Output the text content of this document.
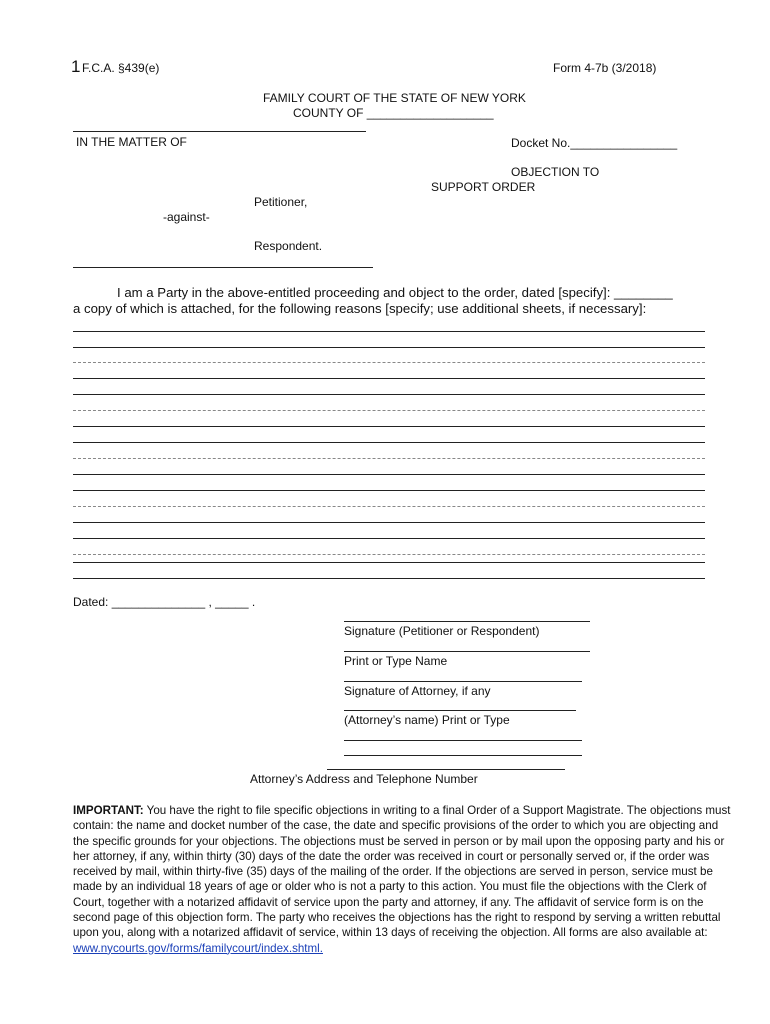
1 F.C.A. §439(e)	Form 4-7b (3/2018)
FAMILY COURT OF THE STATE OF NEW YORK
COUNTY OF ___________________
IN THE MATTER OF	Docket No.________________
OBJECTION TO
SUPPORT ORDER
Petitioner,
-against-
Respondent.
I am a Party in the above-entitled proceeding and object to the order, dated [specify]: ________
a copy of which is attached, for the following reasons [specify; use additional sheets, if necessary]:
Dated: ______________ , _____ .
Signature (Petitioner or Respondent)
Print or Type Name
Signature of Attorney, if any
(Attorney’s name) Print or Type
Attorney’s Address and Telephone Number
IMPORTANT: You have the right to file specific objections in writing to a final Order of a Support Magistrate. The objections must contain: the name and docket number of the case, the date and specific provisions of the order to which you are objecting and the specific grounds for your objections. The objections must be served in person or by mail upon the opposing party and his or her attorney, if any, within thirty (30) days of the date the order was received in court or personally served or, if the order was received by mail, within thirty-five (35) days of the mailing of the order. If the objections are served in person, service must be made by an individual 18 years of age or older who is not a party to this action. You must file the objections with the Clerk of Court, together with a notarized affidavit of service upon the party and attorney, if any. The affidavit of service form is on the second page of this objection form. The party who receives the objections has the right to respond by serving a written rebuttal upon you, along with a notarized affidavit of service, within 13 days of receiving the objection. All forms are also available at:
www.nycourts.gov/forms/familycourt/index.shtml.
